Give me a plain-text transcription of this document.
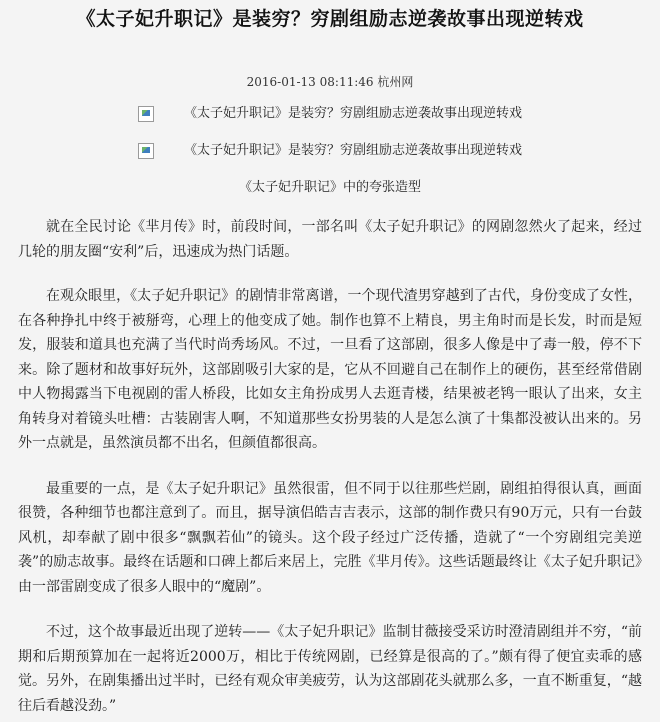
《太子妃升职记》是装穷？穷剧组励志逆袭故事出现逆转戏
2016-01-13 08:11:46 杭州网
《太子妃升职记》是装穷？穷剧组励志逆袭故事出现逆转戏
《太子妃升职记》是装穷？穷剧组励志逆袭故事出现逆转戏
《太子妃升职记》中的夸张造型

就在全民讨论《芈月传》时，前段时间，一部名叫《太子妃升职记》的网剧忽然火了起来，经过几轮的朋友圈“安利”后，迅速成为热门话题。

在观众眼里，《太子妃升职记》的剧情非常离谱，一个现代渣男穿越到了古代，身份变成了女性，在各种挣扎中终于被掰弯，心理上的他变成了她。制作也算不上精良，男主角时而是长发，时而是短发，服装和道具也充满了当代时尚秀场风。不过，一旦看了这部剧，很多人像是中了毒一般，停不下来。除了题材和故事好玩外，这部剧吸引大家的是，它从不回避自己在制作上的硬伤，甚至经常借剧中人物揭露当下电视剧的雷人桥段，比如女主角扮成男人去逛青楼，结果被老鸨一眼认了出来，女主角转身对着镜头吐槽：古装剧害人啊，不知道那些女扮男装的人是怎么演了十集都没被认出来的。另外一点就是，虽然演员都不出名，但颜值都很高。

最重要的一点，是《太子妃升职记》虽然很雷，但不同于以往那些烂剧，剧组拍得很认真，画面很赞，各种细节也都注意到了。而且，据导演侣皓吉吉表示，这部的制作费只有90万元，只有一台鼓风机，却奉献了剧中很多“飘飘若仙”的镜头。这个段子经过广泛传播，造就了“一个穷剧组完美逆袭”的励志故事。最终在话题和口碑上都后来居上，完胜《芈月传》。这些话题最终让《太子妃升职记》由一部雷剧变成了很多人眼中的“魔剧”。

不过，这个故事最近出现了逆转——《太子妃升职记》监制甘薇接受采访时澄清剧组并不穷，“前期和后期预算加在一起将近2000万，相比于传统网剧，已经算是很高的了。”颇有得了便宜卖乖的感觉。另外，在剧集播出过半时，已经有观众审美疲劳，认为这部剧花头就那么多，一直不断重复，“越往后看越没劲。”
